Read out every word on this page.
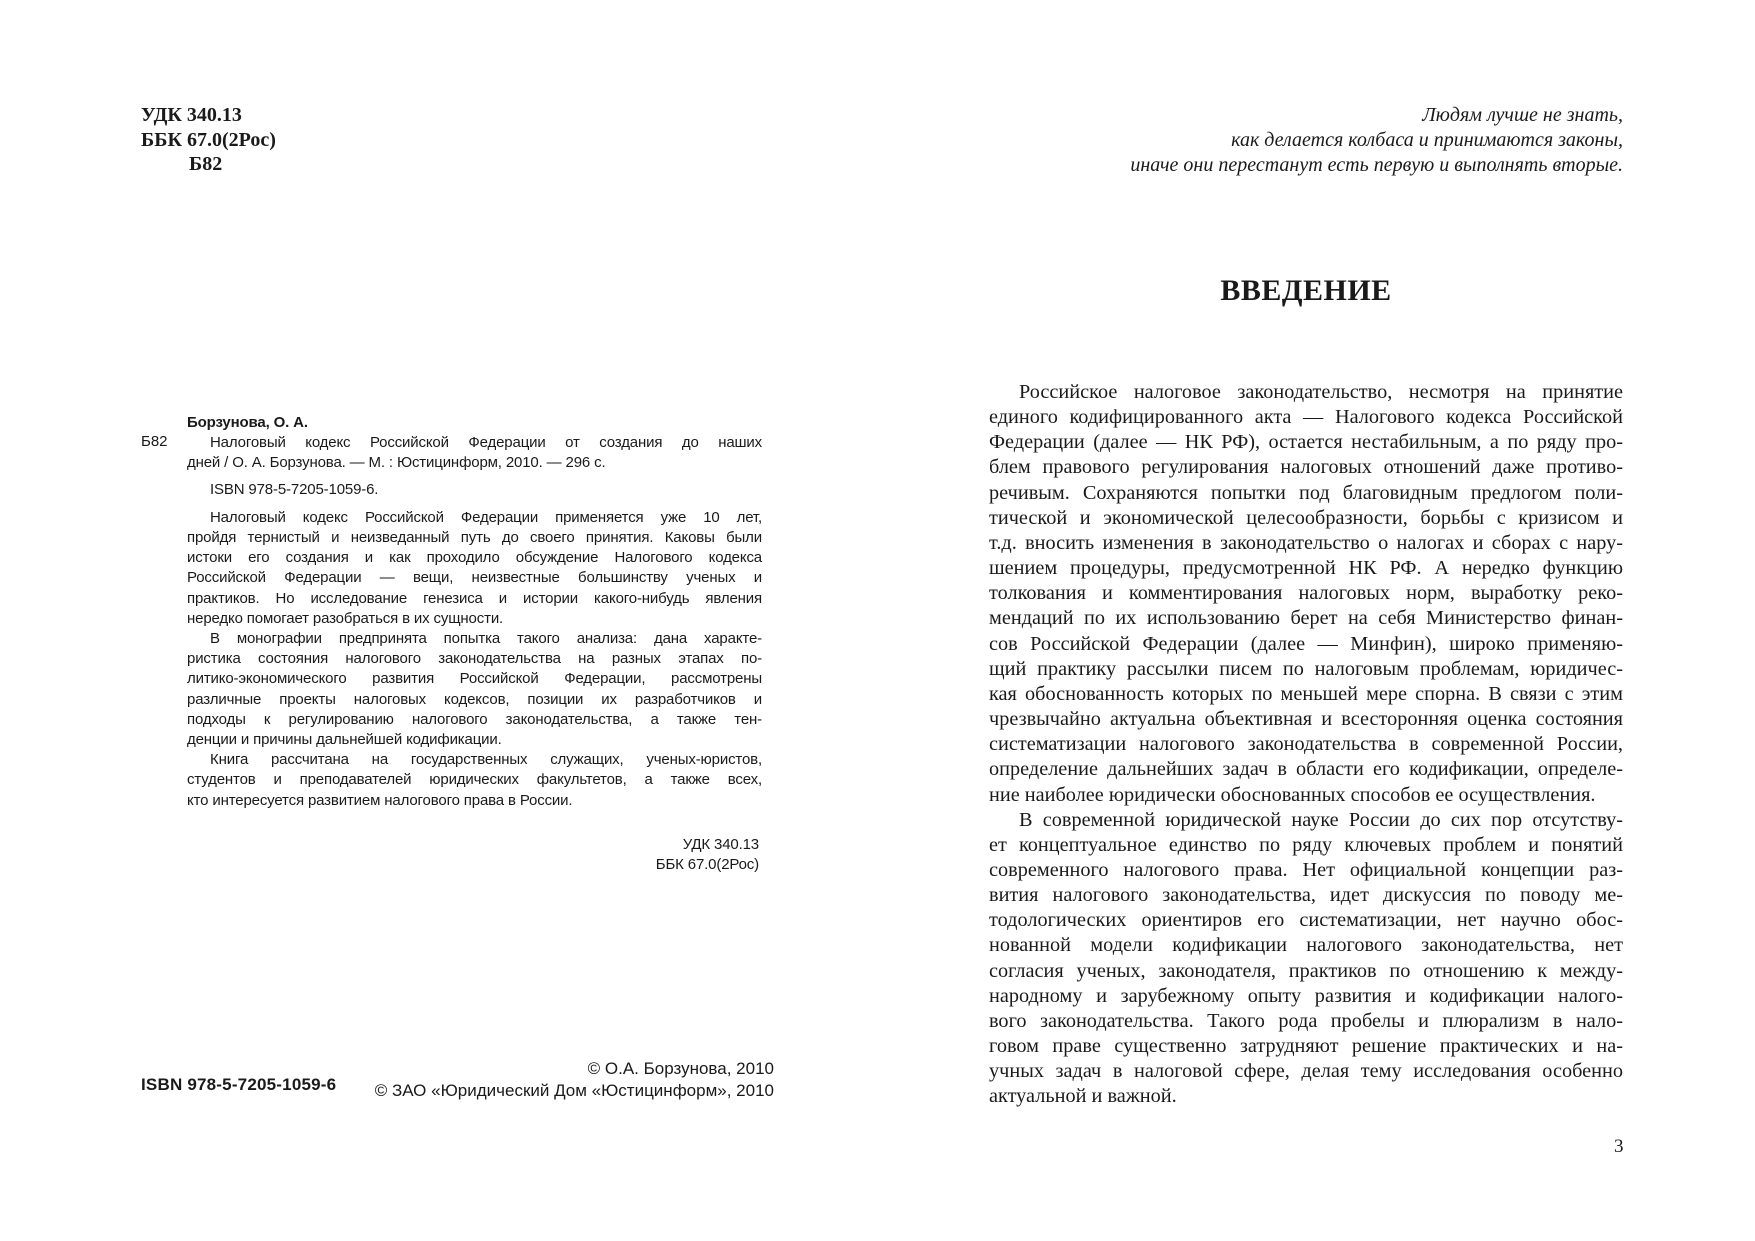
УДК 340.13
ББК 67.0(2Рос)
Б82
Б82
Борзунова, О. А.
Налоговый кодекс Российской Федерации от создания до наших
дней / О. А. Борзунова. — М. : Юстицинформ, 2010. — 296 с.
ISBN 978-5-7205-1059-6.
Налоговый кодекс Российской Федерации применяется уже 10 лет,
пройдя тернистый и неизведанный путь до своего принятия. Каковы были
истоки его создания и как проходило обсуждение Налогового кодекса
Российской Федерации — вещи, неизвестные большинству ученых и
практиков. Но исследование генезиса и истории какого-нибудь явления
нередко помогает разобраться в их сущности.
В монографии предпринята попытка такого анализа: дана характе-
ристика состояния налогового законодательства на разных этапах по-
литико-экономического развития Российской Федерации, рассмотрены
различные проекты налоговых кодексов, позиции их разработчиков и
подходы к регулированию налогового законодательства, а также тен-
денции и причины дальнейшей кодификации.
Книга рассчитана на государственных служащих, ученых-юристов,
студентов и преподавателей юридических факультетов, а также всех,
кто интересуется развитием налогового права в России.
УДК 340.13
ББК 67.0(2Рос)
ISBN 978-5-7205-1059-6
© О.А. Борзунова, 2010
© ЗАО «Юридический Дом «Юстицинформ», 2010
Людям лучше не знать,
как делается колбаса и принимаются законы,
иначе они перестанут есть первую и выполнять вторые.
ВВЕДЕНИЕ
Российское налоговое законодательство, несмотря на принятие
единого кодифицированного акта — Налогового кодекса Российской
Федерации (далее — НК РФ), остается нестабильным, а по ряду про-
блем правового регулирования налоговых отношений даже противо-
речивым. Сохраняются попытки под благовидным предлогом поли-
тической и экономической целесообразности, борьбы с кризисом и
т.д. вносить изменения в законодательство о налогах и сборах с нару-
шением процедуры, предусмотренной НК РФ. А нередко функцию
толкования и комментирования налоговых норм, выработку реко-
мендаций по их использованию берет на себя Министерство финан-
сов Российской Федерации (далее — Минфин), широко применяю-
щий практику рассылки писем по налоговым проблемам, юридичес-
кая обоснованность которых по меньшей мере спорна. В связи с этим
чрезвычайно актуальна объективная и всесторонняя оценка состояния
систематизации налогового законодательства в современной России,
определение дальнейших задач в области его кодификации, определе-
ние наиболее юридически обоснованных способов ее осуществления.
В современной юридической науке России до сих пор отсутству-
ет концептуальное единство по ряду ключевых проблем и понятий
современного налогового права. Нет официальной концепции раз-
вития налогового законодательства, идет дискуссия по поводу ме-
тодологических ориентиров его систематизации, нет научно обос-
нованной модели кодификации налогового законодательства, нет
согласия ученых, законодателя, практиков по отношению к между-
народному и зарубежному опыту развития и кодификации налого-
вого законодательства. Такого рода пробелы и плюрализм в нало-
говом праве существенно затрудняют решение практических и на-
учных задач в налоговой сфере, делая тему исследования особенно
актуальной и важной.
3
